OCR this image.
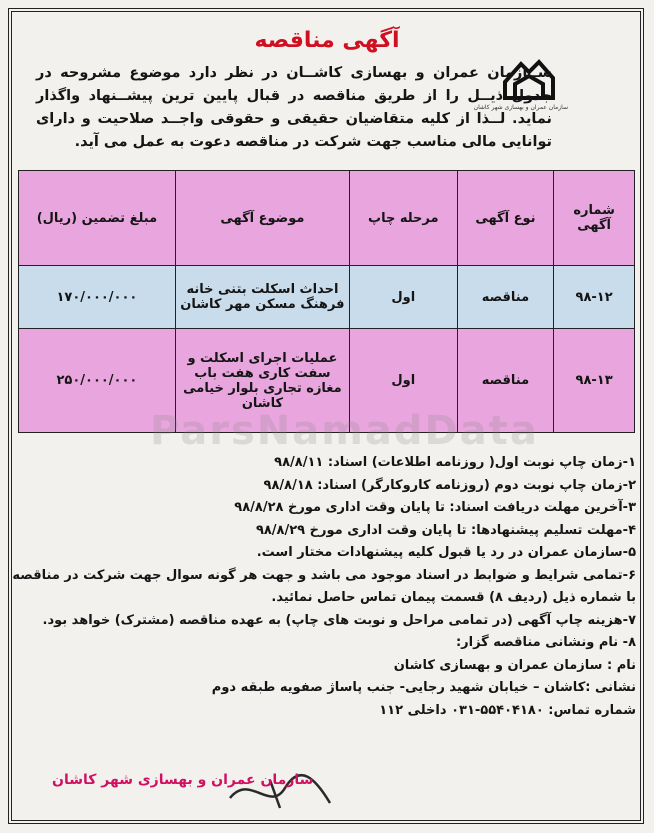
آگهی مناقصه
سازمان عمران و بهسازی شهر کاشان
ســازمان عمران و بهسازی کاشــان در نظر دارد موضوع مشروحه در جدول ذیــل را از طریق مناقصه در قبال پایین ترین پیشــنهاد واگذار نماید. لــذا از کلیه متقاضیان حقیقی و حقوقی واجــد صلاحیت و دارای توانایی مالی مناسب جهت شرکت در مناقصه دعوت به عمل می آید.
شماره آگهی	نوع آگهی	مرحله چاپ	موضوع آگهی	مبلغ تضمین (ریال)
۹۸-۱۲	مناقصه	اول	احداث اسکلت بتنی خانه فرهنگ مسکن مهر کاشان	۱۷۰/۰۰۰/۰۰۰
۹۸-۱۳	مناقصه	اول	عملیات اجرای اسکلت و سفت کاری هفت باب مغازه تجاری بلوار خیامی کاشان	۲۵۰/۰۰۰/۰۰۰
ParsNamadData
۱-زمان چاپ نوبت اول( روزنامه اطلاعات) اسناد: ۹۸/۸/۱۱
۲-زمان چاپ نوبت دوم (روزنامه کاروکارگر) اسناد: ۹۸/۸/۱۸
۳-آخرین مهلت دریافت اسناد: تا پایان وقت اداری مورخ ۹۸/۸/۲۸
۴-مهلت تسلیم پیشنهادها: تا پایان وقت اداری مورخ ۹۸/۸/۲۹
۵-سازمان عمران در رد یا قبول کلیه پیشنهادات مختار است.
۶-تمامی شرایط و ضوابط در اسناد موجود می باشد و جهت هر گونه سوال جهت شرکت در مناقصه
با شماره ذیل (ردیف ۸) قسمت پیمان تماس حاصل نمائید.
۷-هزینه چاپ آگهی (در تمامی مراحل و نوبت های چاپ) به عهده مناقصه (مشترک) خواهد بود.
۸- نام ونشانی مناقصه گزار:
نام : سازمان عمران و بهسازی کاشان
نشانی :کاشان – خیابان شهید رجایی- جنب پاساژ صفویه طبقه دوم
شماره تماس: ۵۵۴۰۴۱۸۰-۰۳۱ داخلی ۱۱۲
سازمان عمران و بهسازی شهر کاشان
